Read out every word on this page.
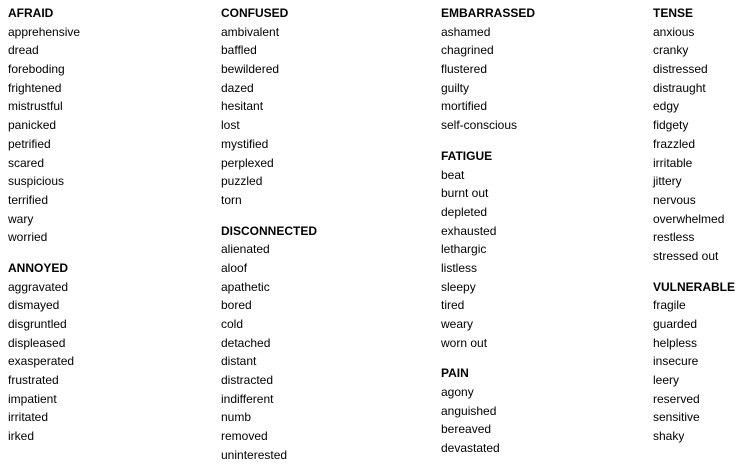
AFRAID
apprehensive
dread
foreboding
frightened
mistrustful
panicked
petrified
scared
suspicious
terrified
wary
worried
ANNOYED
aggravated
dismayed
disgruntled
displeased
exasperated
frustrated
impatient
irritated
irked
CONFUSED
ambivalent
baffled
bewildered
dazed
hesitant
lost
mystified
perplexed
puzzled
torn
DISCONNECTED
alienated
aloof
apathetic
bored
cold
detached
distant
distracted
indifferent
numb
removed
uninterested
EMBARRASSED
ashamed
chagrined
flustered
guilty
mortified
self-conscious
FATIGUE
beat
burnt out
depleted
exhausted
lethargic
listless
sleepy
tired
weary
worn out
PAIN
agony
anguished
bereaved
devastated
TENSE
anxious
cranky
distressed
distraught
edgy
fidgety
frazzled
irritable
jittery
nervous
overwhelmed
restless
stressed out
VULNERABLE
fragile
guarded
helpless
insecure
leery
reserved
sensitive
shaky
